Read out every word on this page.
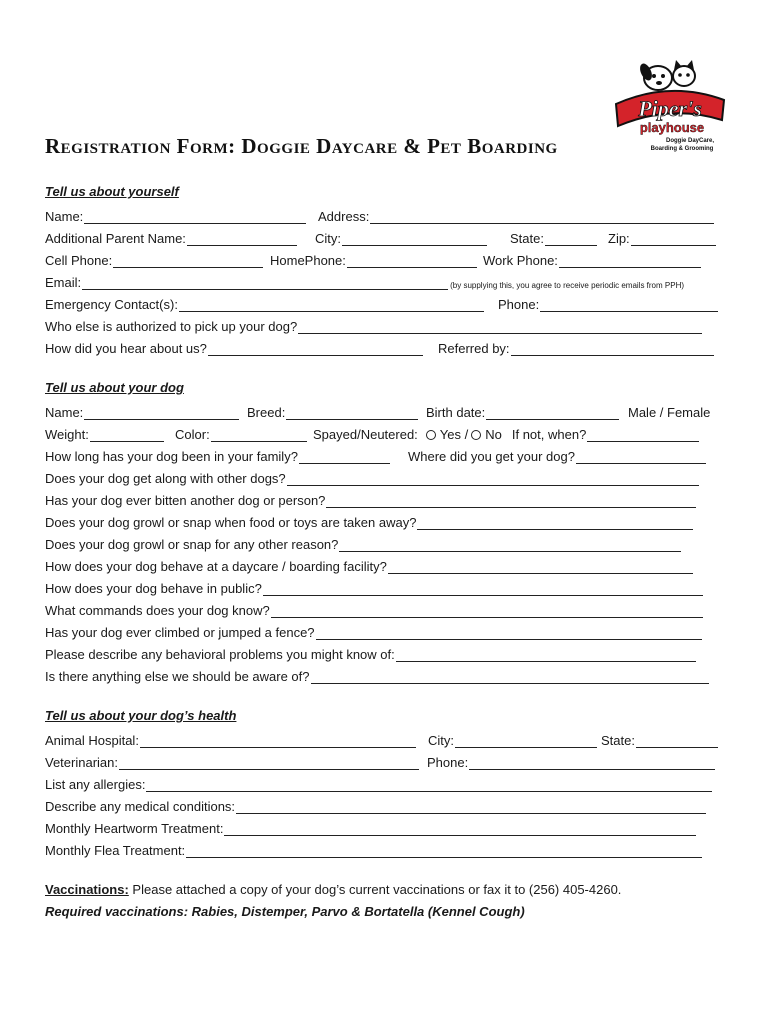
Piper's
playhouse
Doggie DayCare,
Boarding & Grooming
Registration Form: Doggie Daycare & Pet Boarding
Tell us about yourself
Name:	Address:
Additional Parent Name:	City:	State:	Zip:
Cell Phone:	HomePhone:	Work Phone:
Email:	(by supplying this, you agree to receive periodic emails from PPH)
Emergency Contact(s):	Phone:
Who else is authorized to pick up your dog?
How did you hear about us?	Referred by:
Tell us about your dog
Name:	Breed:	Birth date:	Male / Female
Weight:	Color:	Spayed/Neutered: Yes / No If not, when?
How long has your dog been in your family?	Where did you get your dog?
Does your dog get along with other dogs?
Has your dog ever bitten another dog or person?
Does your dog growl or snap when food or toys are taken away?
Does your dog growl or snap for any other reason?
How does your dog behave at a daycare / boarding facility?
How does your dog behave in public?
What commands does your dog know?
Has your dog ever climbed or jumped a fence?
Please describe any behavioral problems you might know of:
Is there anything else we should be aware of?
Tell us about your dog’s health
Animal Hospital:	City:	State:
Veterinarian:	Phone:
List any allergies:
Describe any medical conditions:
Monthly Heartworm Treatment:
Monthly Flea Treatment:
Vaccinations: Please attached a copy of your dog’s current vaccinations or fax it to (256) 405-4260.
Required vaccinations: Rabies, Distemper, Parvo & Bortatella (Kennel Cough)
